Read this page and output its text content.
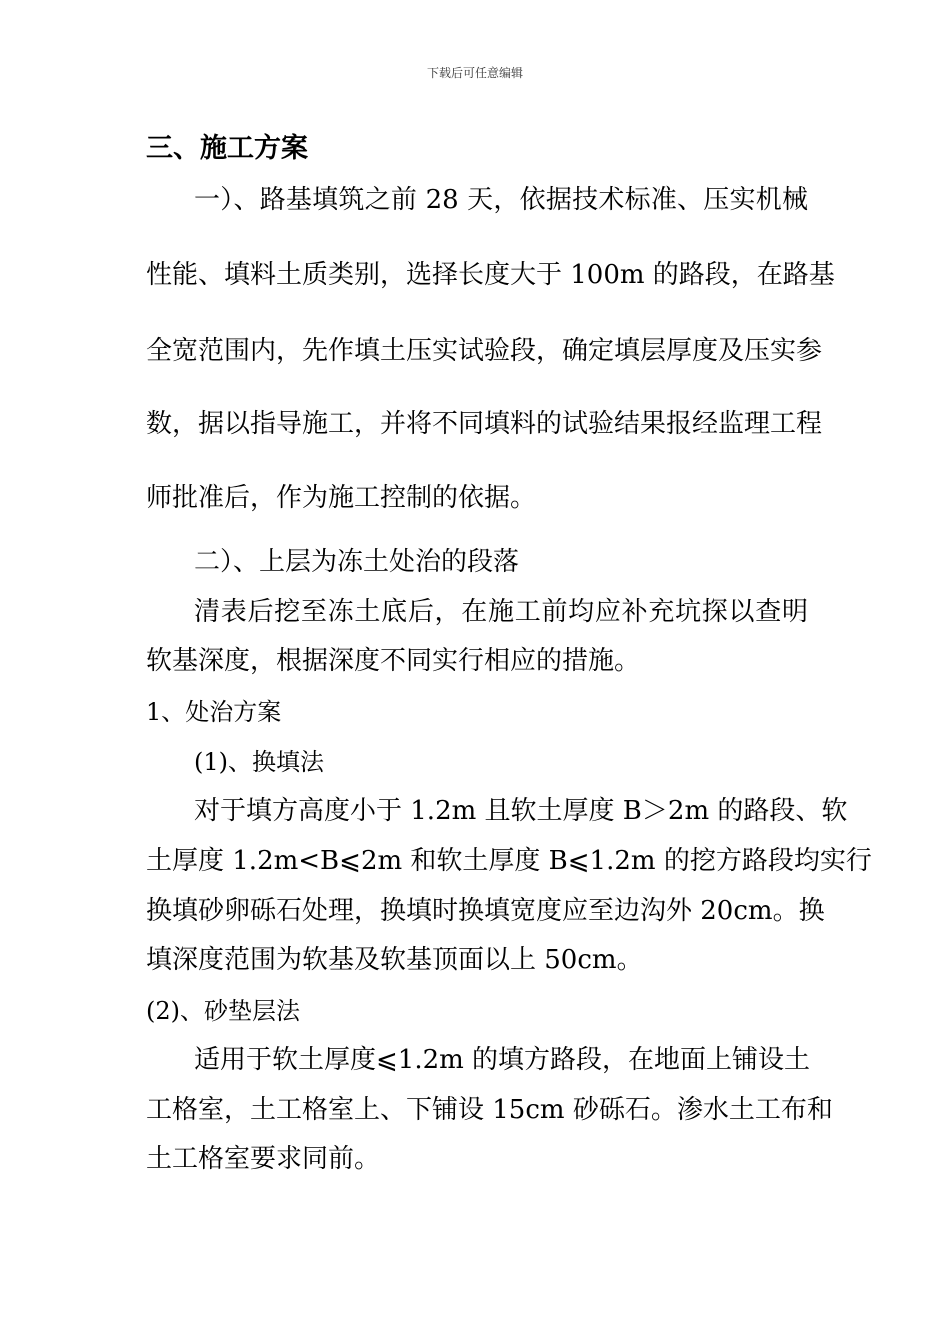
下载后可任意编辑
三、施工方案
一）、路基填筑之前 28 天，依据技术标准、压实机械
性能、填料土质类别，选择长度大于 100m 的路段，在路基
全宽范围内，先作填土压实试验段，确定填层厚度及压实参
数，据以指导施工，并将不同填料的试验结果报经监理工程
师批准后，作为施工控制的依据。
二）、上层为冻土处治的段落
清表后挖至冻土底后，在施工前均应补充坑探以查明
软基深度，根据深度不同实行相应的措施。
1、处治方案
(1)、换填法
对于填方高度小于 1.2m 且软土厚度 B＞2m 的路段、软
土厚度 1.2m<B⩽2m 和软土厚度 B⩽1.2m 的挖方路段均实行
换填砂卵砾石处理，换填时换填宽度应至边沟外 20cm。换
填深度范围为软基及软基顶面以上 50cm。
(2)、砂垫层法
适用于软土厚度⩽1.2m 的填方路段，在地面上铺设土
工格室，土工格室上、下铺设 15cm 砂砾石。渗水土工布和
土工格室要求同前。
